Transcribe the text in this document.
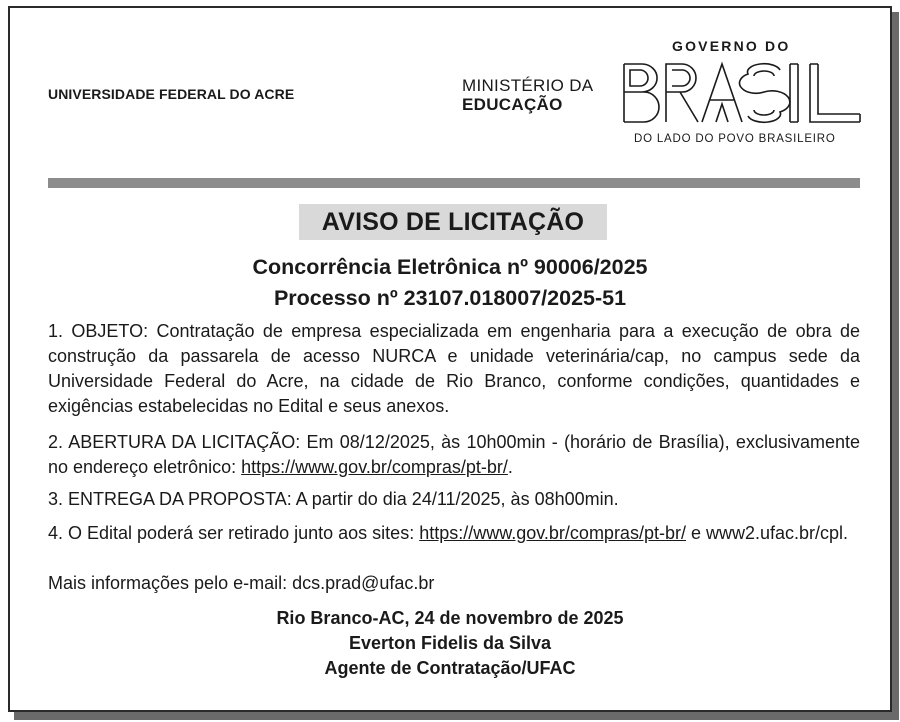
UNIVERSIDADE FEDERAL DO ACRE	MINISTÉRIO DA
EDUCAÇÃO
GOVERNO DO
DO LADO DO POVO BRASILEIRO
AVISO DE LICITAÇÃO
Concorrência Eletrônica nº 90006/2025
Processo nº 23107.018007/2025-51
1. OBJETO: Contratação de empresa especializada em engenharia para a execução de obra de construção da passarela de acesso NURCA e unidade veterinária/cap, no campus sede da Universidade Federal do Acre, na cidade de Rio Branco, conforme condições, quantidades e exigências estabelecidas no Edital e seus anexos.
2. ABERTURA DA LICITAÇÃO: Em 08/12/2025, às 10h00min - (horário de Brasília), exclusivamente no endereço eletrônico: https://www.gov.br/compras/pt-br/.
3. ENTREGA DA PROPOSTA: A partir do dia 24/11/2025, às 08h00min.
4. O Edital poderá ser retirado junto aos sites: https://www.gov.br/compras/pt-br/ e www2.ufac.br/cpl.
Mais informações pelo e-mail: dcs.prad@ufac.br
Rio Branco-AC, 24 de novembro de 2025
Everton Fidelis da Silva
Agente de Contratação/UFAC
